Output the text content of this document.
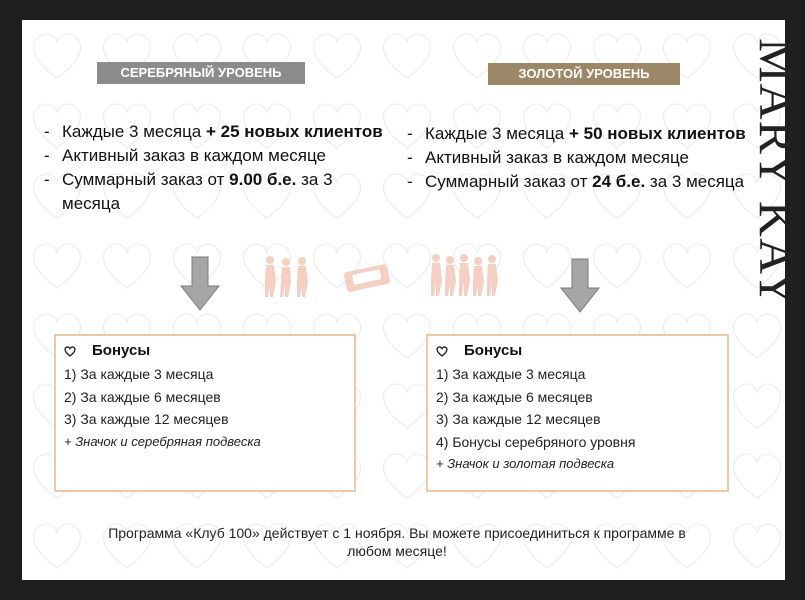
MARY KAY
СЕРЕБРЯНЫЙ УРОВЕНЬ	ЗОЛОТОЙ УРОВЕНЬ
- Каждые 3 месяца + 25 новых клиентов
- Активный заказ в каждом месяце
- Суммарный заказ от 9.00 б.е. за 3 месяца
- Каждые 3 месяца + 50 новых клиентов
- Активный заказ в каждом месяце
- Суммарный заказ от 24 б.е. за 3 месяца
Бонусы
1) За каждые 3 месяца
2) За каждые 6 месяцев
3) За каждые 12 месяцев
+ Значок и серебряная подвеска
Бонусы
1) За каждые 3 месяца
2) За каждые 6 месяцев
3) За каждые 12 месяцев
4) Бонусы серебряного уровня
+ Значок и золотая подвеска
Программа «Клуб 100» действует с 1 ноября. Вы можете присоединиться к программе в
любом месяце!
